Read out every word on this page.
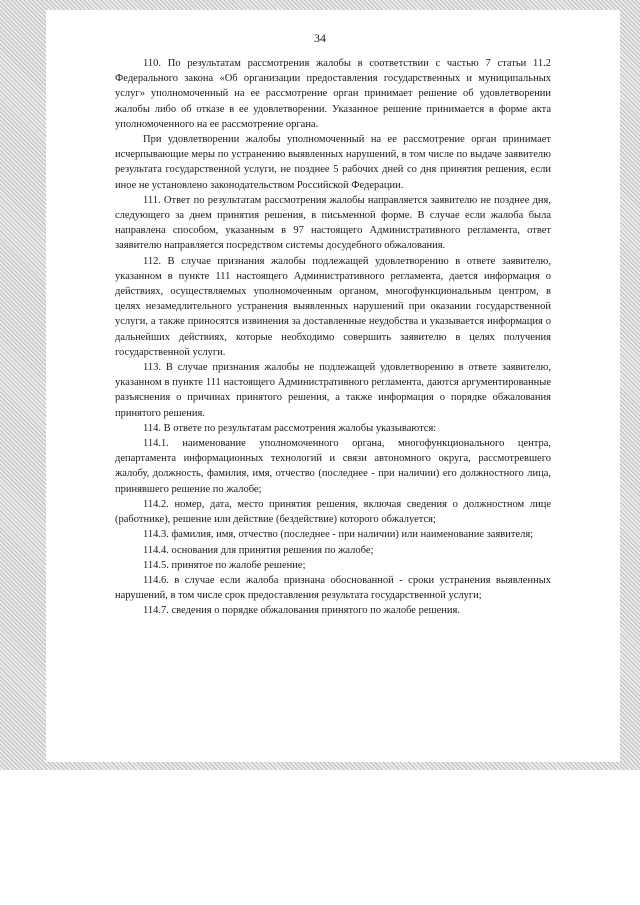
34

110. По результатам рассмотрения жалобы в соответствии с частью 7 статьи 11.2 Федерального закона «Об организации предоставления государственных и муниципальных услуг» уполномоченный на ее рассмотрение орган принимает решение об удовлетворении жалобы либо об отказе в ее удовлетворении. Указанное решение принимается в форме акта уполномоченного на ее рассмотрение органа.

При удовлетворении жалобы уполномоченный на ее рассмотрение орган принимает исчерпывающие меры по устранению выявленных нарушений, в том числе по выдаче заявителю результата государственной услуги, не позднее 5 рабочих дней со дня принятия решения, если иное не установлено законодательством Российской Федерации.

111. Ответ по результатам рассмотрения жалобы направляется заявителю не позднее дня, следующего за днем принятия решения, в письменной форме. В случае если жалоба была направлена способом, указанным в 97 настоящего Административного регламента, ответ заявителю направляется посредством системы досудебного обжалования.

112. В случае признания жалобы подлежащей удовлетворению в ответе заявителю, указанном в пункте 111 настоящего Административного регламента, дается информация о действиях, осуществляемых уполномоченным органом, многофункциональным центром, в целях незамедлительного устранения выявленных нарушений при оказании государственной услуги, а также приносятся извинения за доставленные неудобства и указывается информация о дальнейших действиях, которые необходимо совершить заявителю в целях получения государственной услуги.

113. В случае признания жалобы не подлежащей удовлетворению в ответе заявителю, указанном в пункте 111 настоящего Административного регламента, даются аргументированные разъяснения о причинах принятого решения, а также информация о порядке обжалования принятого решения.

114. В ответе по результатам рассмотрения жалобы указываются:

114.1. наименование уполномоченного органа, многофункционального центра, департамента информационных технологий и связи автономного округа, рассмотревшего жалобу, должность, фамилия, имя, отчество (последнее - при наличии) его должностного лица, принявшего решение по жалобе;

114.2. номер, дата, место принятия решения, включая сведения о должностном лице (работнике), решение или действие (бездействие) которого обжалуется;

114.3. фамилия, имя, отчество (последнее - при наличии) или наименование заявителя;

114.4. основания для принятия решения по жалобе;

114.5. принятое по жалобе решение;

114.6. в случае если жалоба признана обоснованной - сроки устранения выявленных нарушений, в том числе срок предоставления результата государственной услуги;

114.7. сведения о порядке обжалования принятого по жалобе решения.
